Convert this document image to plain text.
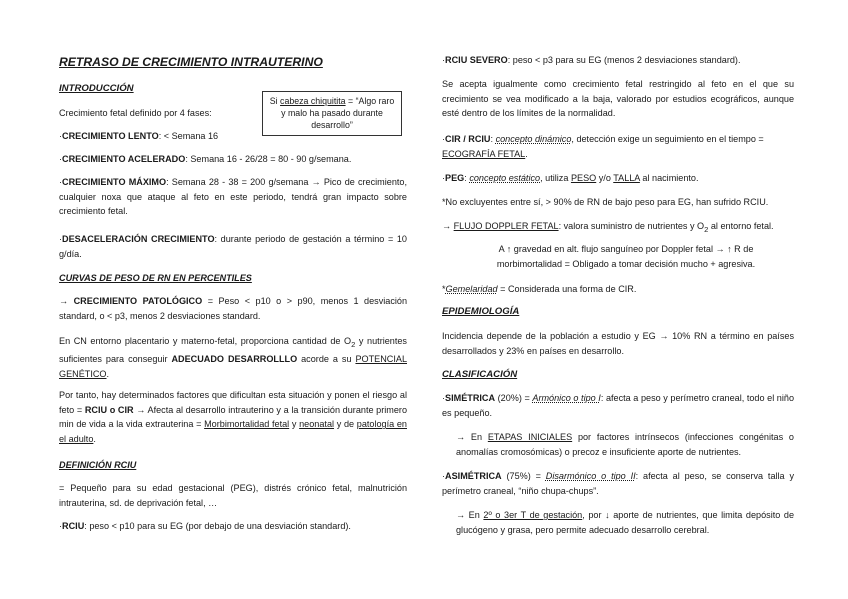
RETRASO DE CRECIMIENTO INTRAUTERINO

INTRODUCCIÓN

Crecimiento fetal definido por 4 fases:

·CRECIMIENTO LENTO: < Semana 16

·CRECIMIENTO ACELERADO: Semana 16 - 26/28 = 80 - 90 g/semana.

·CRECIMIENTO MÁXIMO: Semana 28 - 38 = 200 g/semana → Pico de crecimiento, cualquier noxa que ataque al feto en este periodo, tendrá gran impacto sobre crecimiento fetal.

·DESACELERACIÓN CRECIMIENTO: durante periodo de gestación a término = 10 g/día.

CURVAS DE PESO DE RN EN PERCENTILES

→ CRECIMIENTO PATOLÓGICO = Peso < p10 o > p90, menos 1 desviación standard, o < p3, menos 2 desviaciones standard.

En CN entorno placentario y materno-fetal, proporciona cantidad de $O_2$ y nutrientes suficientes para conseguir ADECUADO DESARROLLLO acorde a su POTENCIAL GENÉTICO.

Por tanto, hay determinados factores que dificultan esta situación y ponen el riesgo al feto = RCIU o CIR → Afecta al desarrollo intrauterino y a la transición durante primero min de vida a la vida extrauterina = Morbimortalidad fetal y neonatal y de patología en el adulto.

DEFINICIÓN RCIU

= Pequeño para su edad gestacional (PEG), distrés crónico fetal, malnutrición intrauterina, sd. de deprivación fetal, …

·RCIU: peso < p10 para su EG (por debajo de una desviación standard).

Si cabeza chiquitita = “Algo raro y malo ha pasado durante desarrollo”

·RCIU SEVERO: peso < p3 para su EG (menos 2 desviaciones standard).

Se acepta igualmente como crecimiento fetal restringido al feto en el que su crecimiento se vea modificado a la baja, valorado por estudios ecográficos, aunque esté dentro de los límites de la normalidad.

·CIR / RCIU: concepto dinámico, detección exige un seguimiento en el tiempo = ECOGRAFÍA FETAL.

·PEG: concepto estático, utiliza PESO y/o TALLA al nacimiento.

*No excluyentes entre sí, > 90% de RN de bajo peso para EG, han sufrido RCIU.

→ FLUJO DOPPLER FETAL: valora suministro de nutrientes y $O_2$ al entorno fetal.

A ↑ gravedad en alt. flujo sanguíneo por Doppler fetal → ↑ R de morbimortalidad = Obligado a tomar decisión mucho + agresiva.

*Gemelaridad = Considerada una forma de CIR.

EPIDEMIOLOGÍA

Incidencia depende de la población a estudio y EG → 10% RN a término en países desarrollados y 23% en países en desarrollo.

CLASIFICACIÓN

·SIMÉTRICA (20%) = Armónico o tipo I: afecta a peso y perímetro craneal, todo el niño es pequeño.

→ En ETAPAS INICIALES por factores intrínsecos (infecciones congénitas o anomalías cromosómicas) o precoz e insuficiente aporte de nutrientes.

·ASIMÉTRICA (75%) = Disarmónico o tipo II: afecta al peso, se conserva talla y perímetro craneal, “niño chupa-chups”.

→ En 2º o 3er T de gestación, por ↓ aporte de nutrientes, que limita depósito de glucógeno y grasa, pero permite adecuado desarrollo cerebral.
